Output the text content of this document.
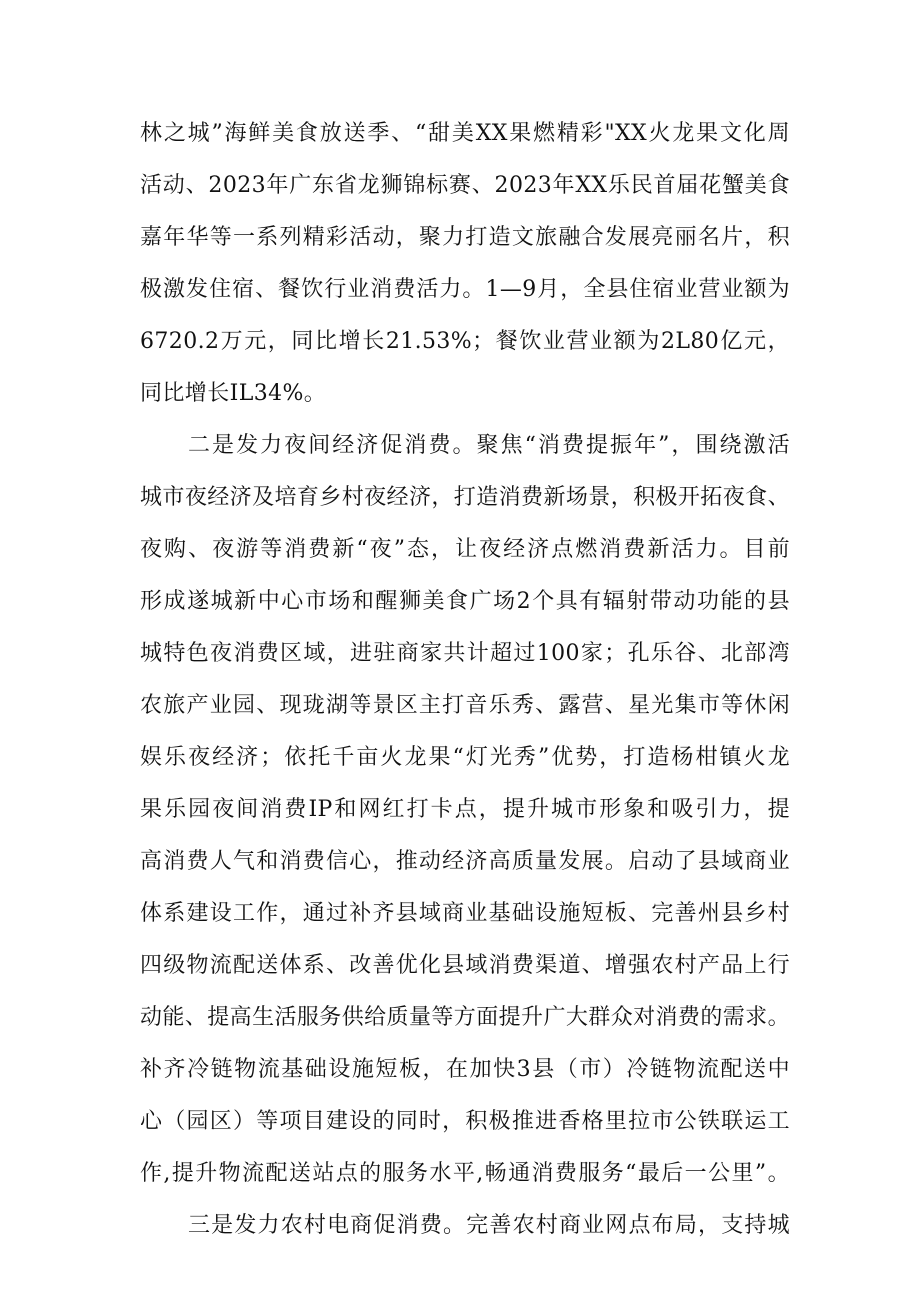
林之城”海鲜美食放送季、“甜美XX果燃精彩"XX火龙果文化周
活动、2023年广东省龙狮锦标赛、2023年XX乐民首届花蟹美食
嘉年华等一系列精彩活动，聚力打造文旅融合发展亮丽名片，积
极激发住宿、餐饮行业消费活力。1—9月，全县住宿业营业额为
6720.2万元，同比增长21.53%；餐饮业营业额为2L80亿元，
同比增长IL34%。
二是发力夜间经济促消费。聚焦“消费提振年”，围绕激活
城市夜经济及培育乡村夜经济，打造消费新场景，积极开拓夜食、
夜购、夜游等消费新“夜”态，让夜经济点燃消费新活力。目前
形成遂城新中心市场和醒狮美食广场2个具有辐射带动功能的县
城特色夜消费区域，进驻商家共计超过100家；孔乐谷、北部湾
农旅产业园、现珑湖等景区主打音乐秀、露营、星光集市等休闲
娱乐夜经济；依托千亩火龙果“灯光秀”优势，打造杨柑镇火龙
果乐园夜间消费IP和网红打卡点，提升城市形象和吸引力，提
高消费人气和消费信心，推动经济高质量发展。启动了县域商业
体系建设工作，通过补齐县域商业基础设施短板、完善州县乡村
四级物流配送体系、改善优化县域消费渠道、增强农村产品上行
动能、提高生活服务供给质量等方面提升广大群众对消费的需求。
补齐冷链物流基础设施短板，在加快3县（市）冷链物流配送中
心（园区）等项目建设的同时，积极推进香格里拉市公铁联运工
作,提升物流配送站点的服务水平,畅通消费服务“最后一公里”。
三是发力农村电商促消费。完善农村商业网点布局，支持城
